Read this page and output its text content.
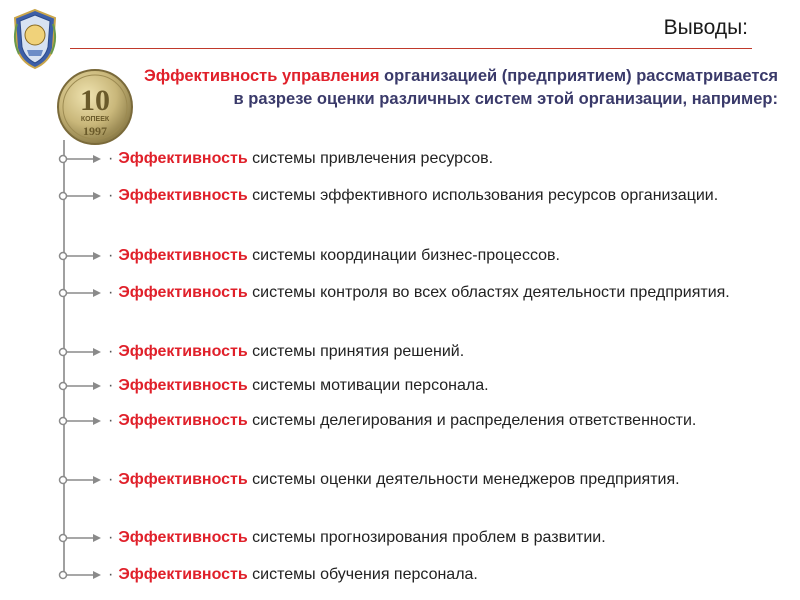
Выводы:
10
КОПЕЕК
1997
Эффективность управления организацией (предприятием) рассматривается в разрезе оценки различных систем этой организации, например:
· Эффективность системы привлечения ресурсов.
· Эффективность системы эффективного использования ресурсов организации.
· Эффективность системы координации бизнес-процессов.
· Эффективность системы контроля во всех областях деятельности предприятия.
· Эффективность системы принятия решений.
· Эффективность системы мотивации персонала.
· Эффективность системы делегирования и распределения ответственности.
· Эффективность системы оценки деятельности менеджеров предприятия.
· Эффективность системы прогнозирования проблем в развитии.
· Эффективность системы обучения персонала.
